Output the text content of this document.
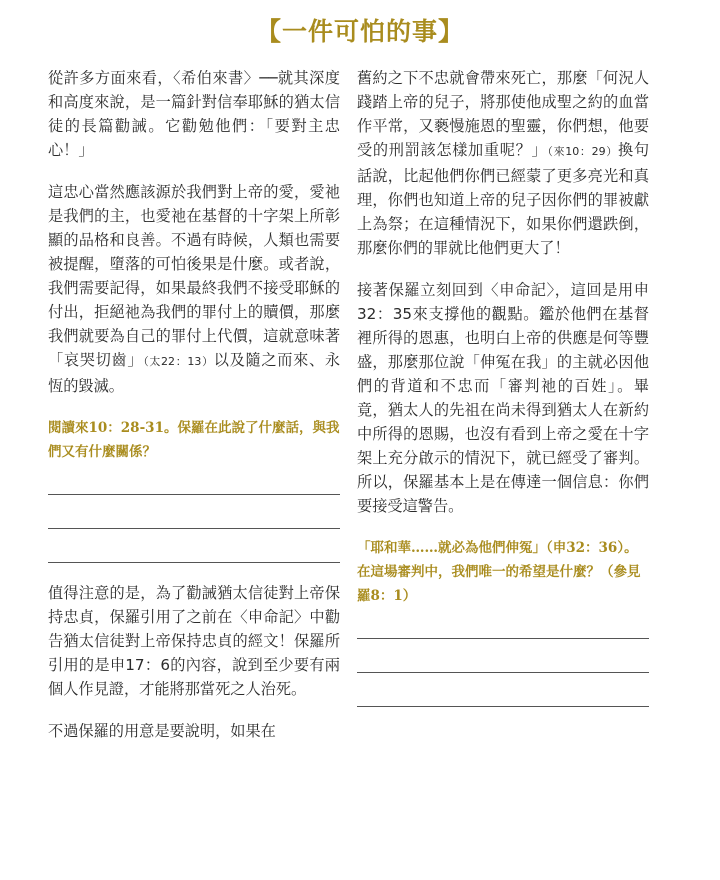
【一件可怕的事】

從許多方面來看，〈希伯來書〉──就其深度和高度來說，是一篇針對信奉耶穌的猶太信徒的長篇勸誡。它勸勉他們：「要對主忠心！」

這忠心當然應該源於我們對上帝的愛，愛祂是我們的主，也愛祂在基督的十字架上所彰顯的品格和良善。不過有時候，人類也需要被提醒，墮落的可怕後果是什麼。或者說，我們需要記得，如果最終我們不接受耶穌的付出，拒絕祂為我們的罪付上的贖價，那麼我們就要為自己的罪付上代價，這就意味著「哀哭切齒」（太22：13）以及隨之而來、永恆的毀滅。

閱讀來10：28-31。保羅在此說了什麼話，與我們又有什麼關係？

值得注意的是，為了勸誡猶太信徒對上帝保持忠貞，保羅引用了之前在〈申命記〉中勸告猶太信徒對上帝保持忠貞的經文！保羅所引用的是申17：6的內容，說到至少要有兩個人作見證，才能將那當死之人治死。

不過保羅的用意是要說明，如果在

舊約之下不忠就會帶來死亡，那麼「何況人踐踏上帝的兒子，將那使他成聖之約的血當作平常，又褻慢施恩的聖靈，你們想，他要受的刑罰該怎樣加重呢？」（來10：29）換句話說，比起他們你們已經蒙了更多亮光和真理，你們也知道上帝的兒子因你們的罪被獻上為祭；在這種情況下，如果你們還跌倒，那麼你們的罪就比他們更大了！

接著保羅立刻回到〈申命記〉，這回是用申32：35來支撐他的觀點。鑑於他們在基督裡所得的恩惠，也明白上帝的供應是何等豐盛，那麼那位說「伸冤在我」的主就必因他們的背道和不忠而「審判祂的百姓」。畢竟，猶太人的先祖在尚未得到猶太人在新約中所得的恩賜，也沒有看到上帝之愛在十字架上充分啟示的情況下，就已經受了審判。所以，保羅基本上是在傳達一個信息：你們要接受這警告。

「耶和華……就必為他們伸冤」（申32：36）。在這場審判中，我們唯一的希望是什麼？（參見羅8：1）
